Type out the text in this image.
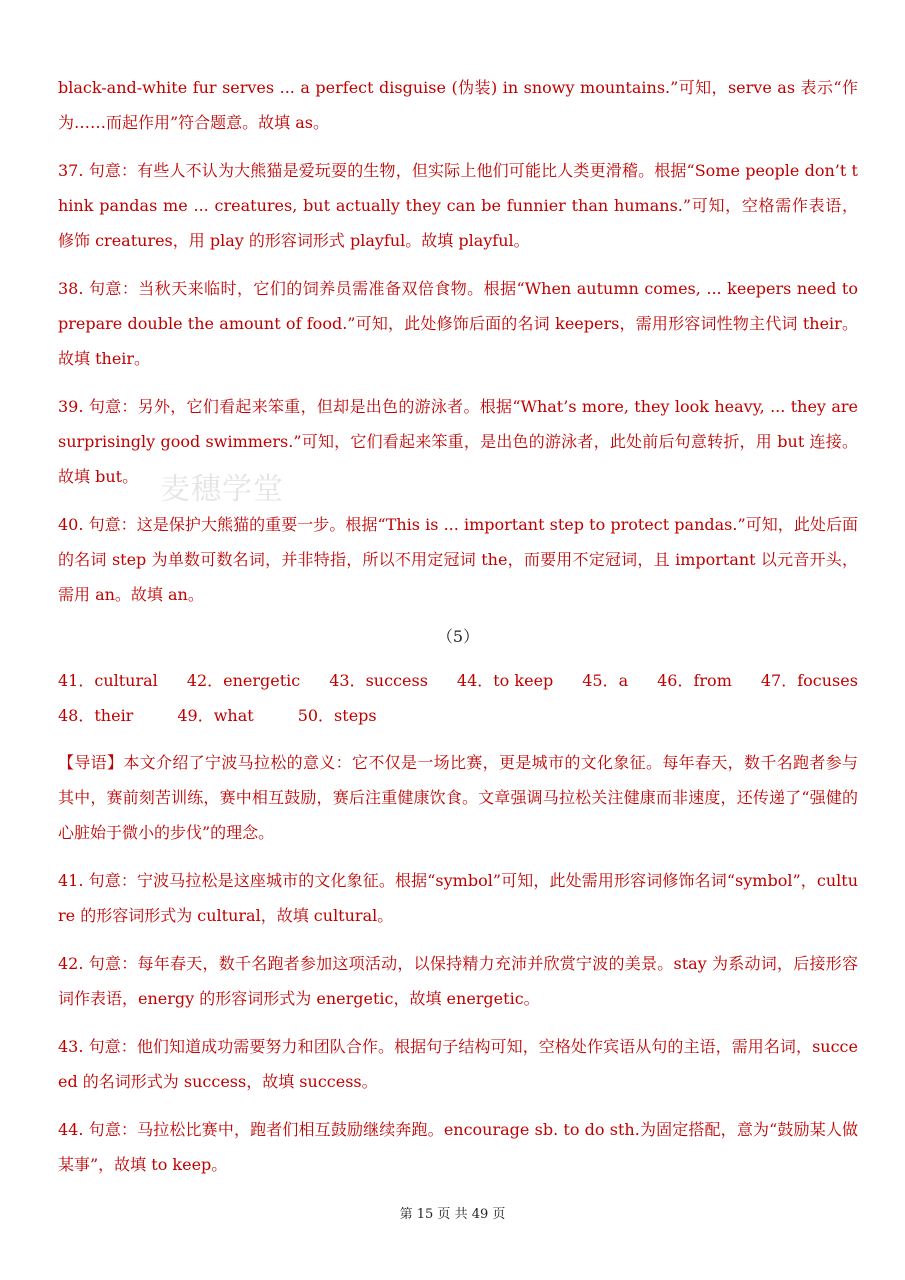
black-and-white fur serves ... a perfect disguise (伪装) in snowy mountains.”可知，serve as 表示“作为……而起作用”符合题意。故填 as。

37. 句意：有些人不认为大熊猫是爱玩耍的生物，但实际上他们可能比人类更滑稽。根据“Some people don’t think pandas me ... creatures, but actually they can be funnier than humans.”可知，空格需作表语，修饰 creatures，用 play 的形容词形式 playful。故填 playful。

38. 句意：当秋天来临时，它们的饲养员需准备双倍食物。根据“When autumn comes, ... keepers need to prepare double the amount of food.”可知，此处修饰后面的名词 keepers，需用形容词性物主代词 their。故填 their。

39. 句意：另外，它们看起来笨重，但却是出色的游泳者。根据“What’s more, they look heavy, ... they are surprisingly good swimmers.”可知，它们看起来笨重，是出色的游泳者，此处前后句意转折，用 but 连接。故填 but。

40. 句意：这是保护大熊猫的重要一步。根据“This is ... important step to protect pandas.”可知，此处后面的名词 step 为单数可数名词，并非特指，所以不用定冠词 the，而要用不定冠词，且 important 以元音开头，需用 an。故填 an。

（5）
41．cultural 42．energetic 43．success 44．to keep 45．a 46．from 47．focuses
48．their	49．what	50．steps

【导语】本文介绍了宁波马拉松的意义：它不仅是一场比赛，更是城市的文化象征。每年春天，数千名跑者参与其中，赛前刻苦训练，赛中相互鼓励，赛后注重健康饮食。文章强调马拉松关注健康而非速度，还传递了“强健的心脏始于微小的步伐”的理念。

41. 句意：宁波马拉松是这座城市的文化象征。根据“symbol”可知，此处需用形容词修饰名词“symbol”，culture 的形容词形式为 cultural，故填 cultural。

42. 句意：每年春天，数千名跑者参加这项活动，以保持精力充沛并欣赏宁波的美景。stay 为系动词，后接形容词作表语，energy 的形容词形式为 energetic，故填 energetic。

43. 句意：他们知道成功需要努力和团队合作。根据句子结构可知，空格处作宾语从句的主语，需用名词，succeed 的名词形式为 success，故填 success。

44. 句意：马拉松比赛中，跑者们相互鼓励继续奔跑。encourage sb. to do sth.为固定搭配，意为“鼓励某人做某事”，故填 to keep。

麦穗学堂
第 15 页 共 49 页
